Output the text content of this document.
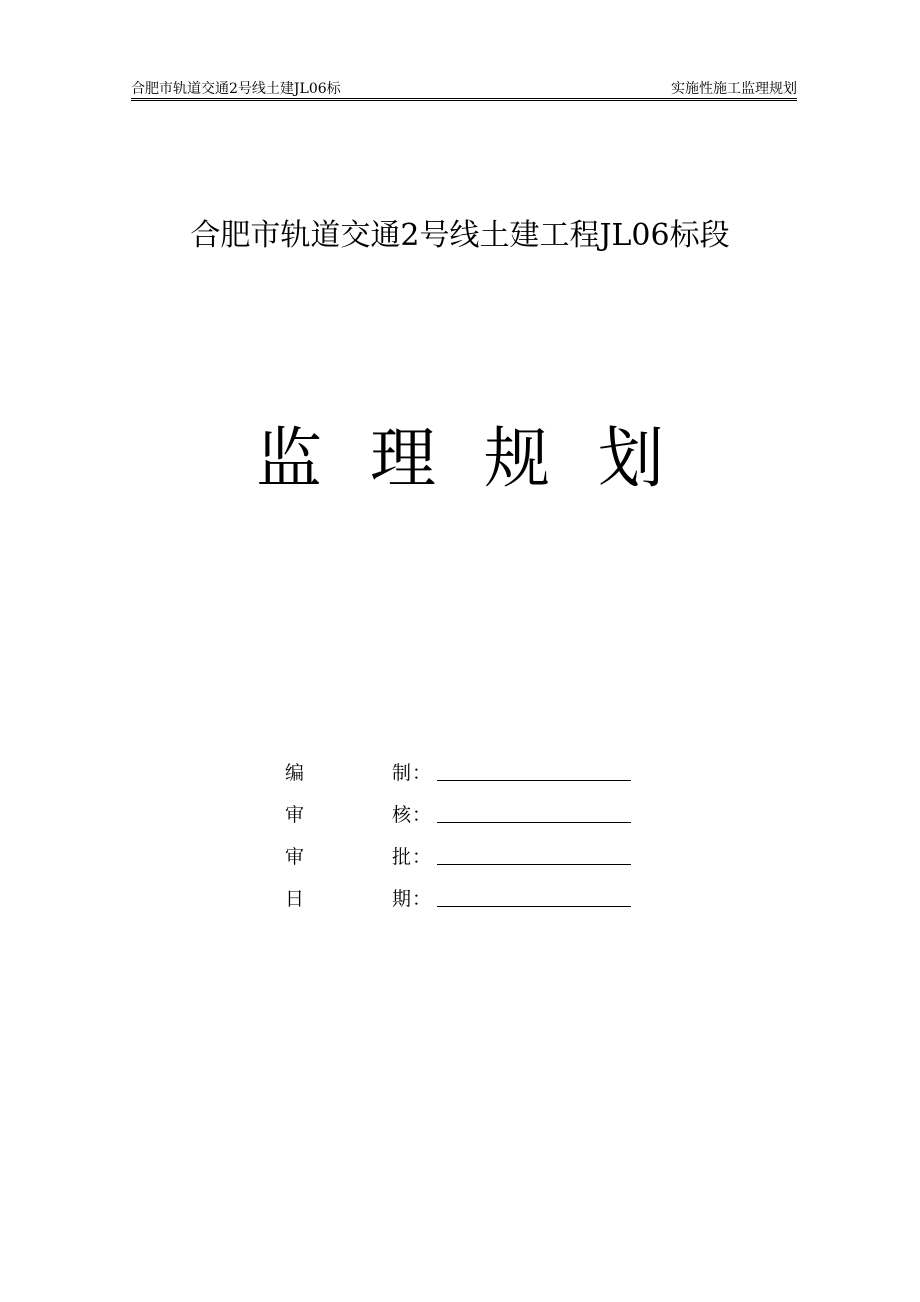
合肥市轨道交通2号线土建JL06标	实施性施工监理规划
合肥市轨道交通2号线土建工程JL06标段
监理规划
编	制 ：
审	核 ：
审	批 ：
日	期 ：
